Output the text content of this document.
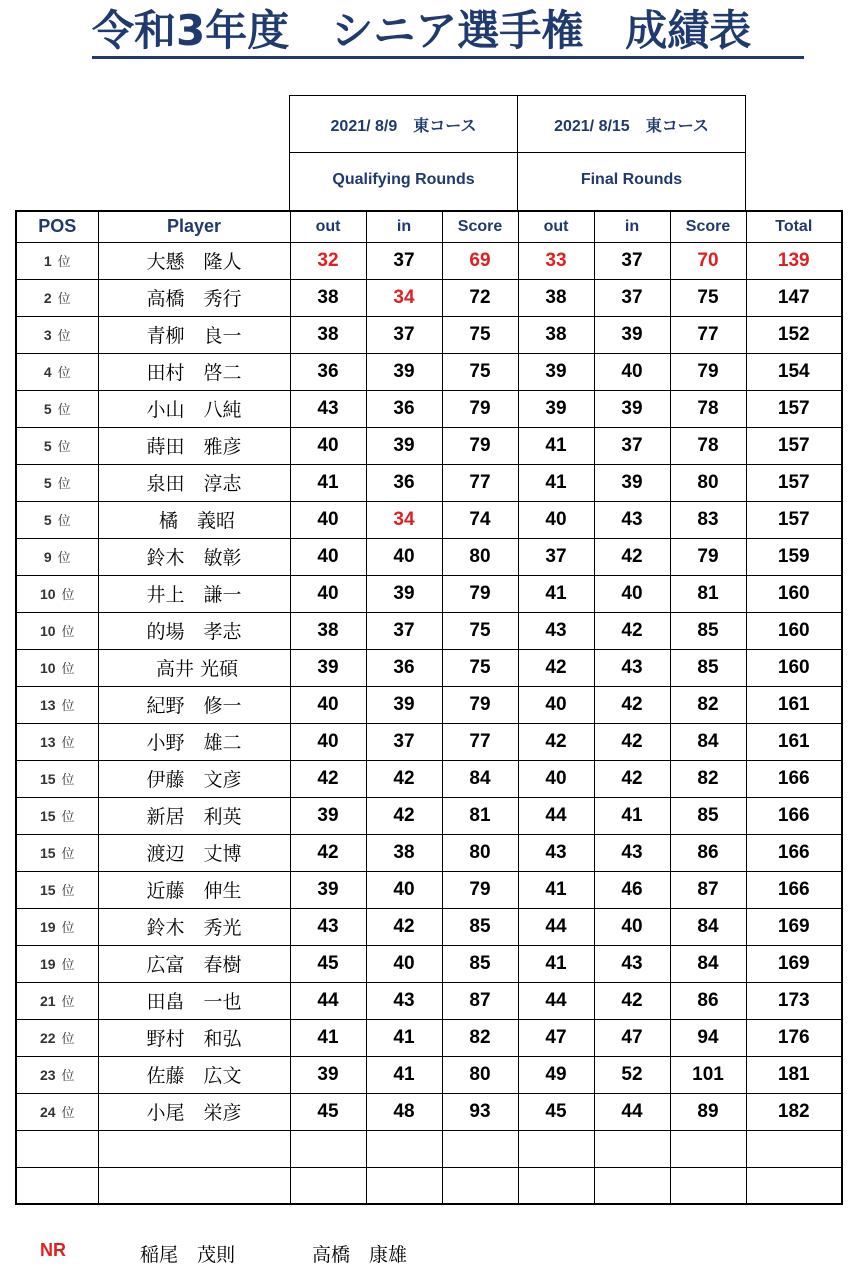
令和3年度　シニア選手権　成績表
2021/ 8/9　東コース	2021/ 8/15　東コース
Qualifying Rounds	Final Rounds
POS	Player	out	in	Score	out	in	Score	Total
1 位	大懸　隆人	32	37	69	33	37	70	139
2 位	高橋　秀行	38	34	72	38	37	75	147
3 位	青柳　良一	38	37	75	38	39	77	152
4 位	田村　啓二	36	39	75	39	40	79	154
5 位	小山　八純	43	36	79	39	39	78	157
5 位	蒔田　雅彦	40	39	79	41	37	78	157
5 位	泉田　淳志	41	36	77	41	39	80	157
5 位	橘　義昭	40	34	74	40	43	83	157
9 位	鈴木　敏彰	40	40	80	37	42	79	159
10 位	井上　謙一	40	39	79	41	40	81	160
10 位	的場　孝志	38	37	75	43	42	85	160
10 位	高井 光碩	39	36	75	42	43	85	160
13 位	紀野　修一	40	39	79	40	42	82	161
13 位	小野　雄二	40	37	77	42	42	84	161
15 位	伊藤　文彦	42	42	84	40	42	82	166
15 位	新居　利英	39	42	81	44	41	85	166
15 位	渡辺　丈博	42	38	80	43	43	86	166
15 位	近藤　伸生	39	40	79	41	46	87	166
19 位	鈴木　秀光	43	42	85	44	40	84	169
19 位	広富　春樹	45	40	85	41	43	84	169
21 位	田畠　一也	44	43	87	44	42	86	173
22 位	野村　和弘	41	41	82	47	47	94	176
23 位	佐藤　広文	39	41	80	49	52	101	181
24 位	小尾　栄彦	45	48	93	45	44	89	182

NR	稲尾　茂則	高橋　康雄
